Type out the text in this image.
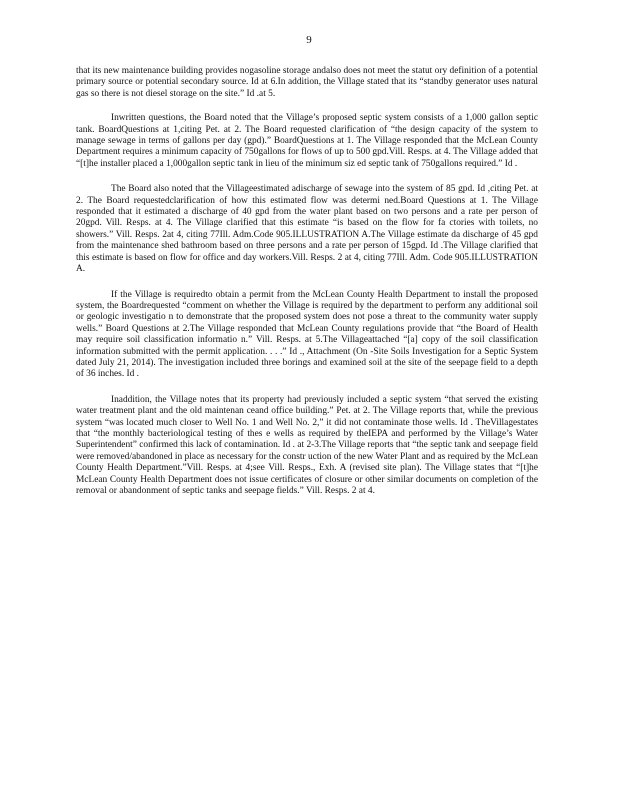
9

that its new maintenance building provides nogasoline storage andalso does not meet the statut ory definition of a potential primary source or potential secondary source. Id at 6.In addition, the Village stated that its “standby generator uses natural gas so there is not diesel storage on the site.” Id .at 5.

Inwritten questions, the Board noted that the Village’s proposed septic system consists of a 1,000 gallon septic tank. BoardQuestions at 1,citing Pet. at 2. The Board requested clarification of “the design capacity of the system to manage sewage in terms of gallons per day (gpd).” BoardQuestions at 1. The Village responded that the McLean County Department requires a minimum capacity of 750gallons for flows of up to 500 gpd.Vill. Resps. at 4. The Village added that “[t]he installer placed a 1,000gallon septic tank in lieu of the minimum siz ed septic tank of 750gallons required.” Id .

The Board also noted that the Villageestimated adischarge of sewage into the system of 85 gpd. Id ,citing Pet. at 2. The Board requestedclarification of how this estimated flow was determi ned.Board Questions at 1. The Village responded that it estimated a discharge of 40 gpd from the water plant based on two persons and a rate per person of 20gpd. Vill. Resps. at 4. The Village clarified that this estimate “is based on the flow for fa ctories with toilets, no showers.” Vill. Resps. 2at 4, citing 77Ill. Adm.Code 905.ILLUSTRATION A.The Village estimate da discharge of 45 gpd from the maintenance shed bathroom based on three persons and a rate per person of 15gpd. Id .The Village clarified that this estimate is based on flow for office and day workers.Vill. Resps. 2 at 4, citing 77Ill. Adm. Code 905.ILLUSTRATION A.

If the Village is requiredto obtain a permit from the McLean County Health Department to install the proposed system, the Boardrequested “comment on whether the Village is required by the department to perform any additional soil or geologic investigatio n to demonstrate that the proposed system does not pose a threat to the community water supply wells.” Board Questions at 2.The Village responded that McLean County regulations provide that “the Board of Health may require soil classification informatio n.” Vill. Resps. at 5.The Villageattached “[a] copy of the soil classification information submitted with the permit application. . . .” Id ., Attachment (On -Site Soils Investigation for a Septic System dated July 21, 2014). The investigation included three borings and examined soil at the site of the seepage field to a depth of 36 inches. Id .

Inaddition, the Village notes that its property had previously included a septic system “that served the existing water treatment plant and the old maintenan ceand office building.” Pet. at 2. The Village reports that, while the previous system “was located much closer to Well No. 1 and Well No. 2,” it did not contaminate those wells. Id . TheVillagestates that “the monthly bacteriological testing of thes e wells as required by theIEPA and performed by the Village’s Water Superintendent” confirmed this lack of contamination. Id . at 2-3.The Village reports that “the septic tank and seepage field were removed/abandoned in place as necessary for the constr uction of the new Water Plant and as required by the McLean County Health Department.”Vill. Resps. at 4;see Vill. Resps., Exh. A (revised site plan). The Village states that “[t]he McLean County Health Department does not issue certificates of closure or other similar documents on completion of the removal or abandonment of septic tanks and seepage fields.” Vill. Resps. 2 at 4.
